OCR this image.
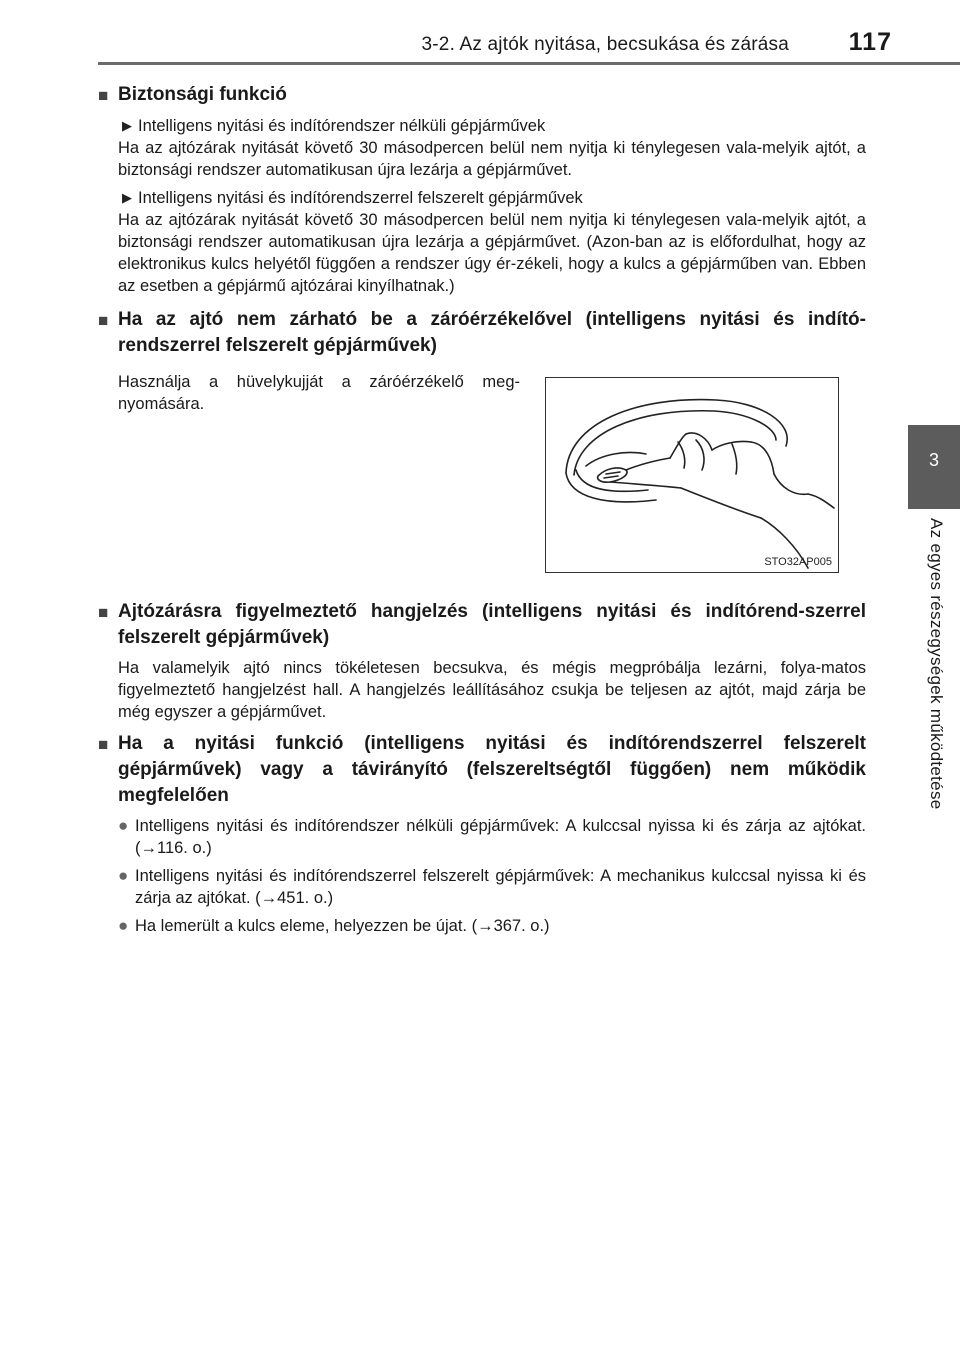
3-2. Az ajtók nyitása, becsukása és zárása 117
3
Az egyes részegységek működtetése
■ Biztonsági funkció
▶ Intelligens nyitási és indítórendszer nélküli gépjárművek
Ha az ajtózárak nyitását követő 30 másodpercen belül nem nyitja ki ténylegesen vala-melyik ajtót, a biztonsági rendszer automatikusan újra lezárja a gépjárművet.
▶ Intelligens nyitási és indítórendszerrel felszerelt gépjárművek
Ha az ajtózárak nyitását követő 30 másodpercen belül nem nyitja ki ténylegesen vala-melyik ajtót, a biztonsági rendszer automatikusan újra lezárja a gépjárművet. (Azon-ban az is előfordulhat, hogy az elektronikus kulcs helyétől függően a rendszer úgy ér-zékeli, hogy a kulcs a gépjárműben van. Ebben az esetben a gépjármű ajtózárai kinyílhatnak.)
■ Ha az ajtó nem zárható be a záróérzékelővel (intelligens nyitási és indító-rendszerrel felszerelt gépjárművek)
Használja a hüvelykujját a záróérzékelő meg-nyomására.
STO32AP005
■ Ajtózárásra figyelmeztető hangjelzés (intelligens nyitási és indítórend-szerrel felszerelt gépjárművek)
Ha valamelyik ajtó nincs tökéletesen becsukva, és mégis megpróbálja lezárni, folya-matos figyelmeztető hangjelzést hall. A hangjelzés leállításához csukja be teljesen az ajtót, majd zárja be még egyszer a gépjárművet.
■ Ha a nyitási funkció (intelligens nyitási és indítórendszerrel felszerelt gépjárművek) vagy a távirányító (felszereltségtől függően) nem működik megfelelően
● Intelligens nyitási és indítórendszer nélküli gépjárművek: A kulccsal nyissa ki és zárja az ajtókat. (→116. o.)
● Intelligens nyitási és indítórendszerrel felszerelt gépjárművek: A mechanikus kulccsal nyissa ki és zárja az ajtókat. (→451. o.)
● Ha lemerült a kulcs eleme, helyezzen be újat. (→367. o.)
